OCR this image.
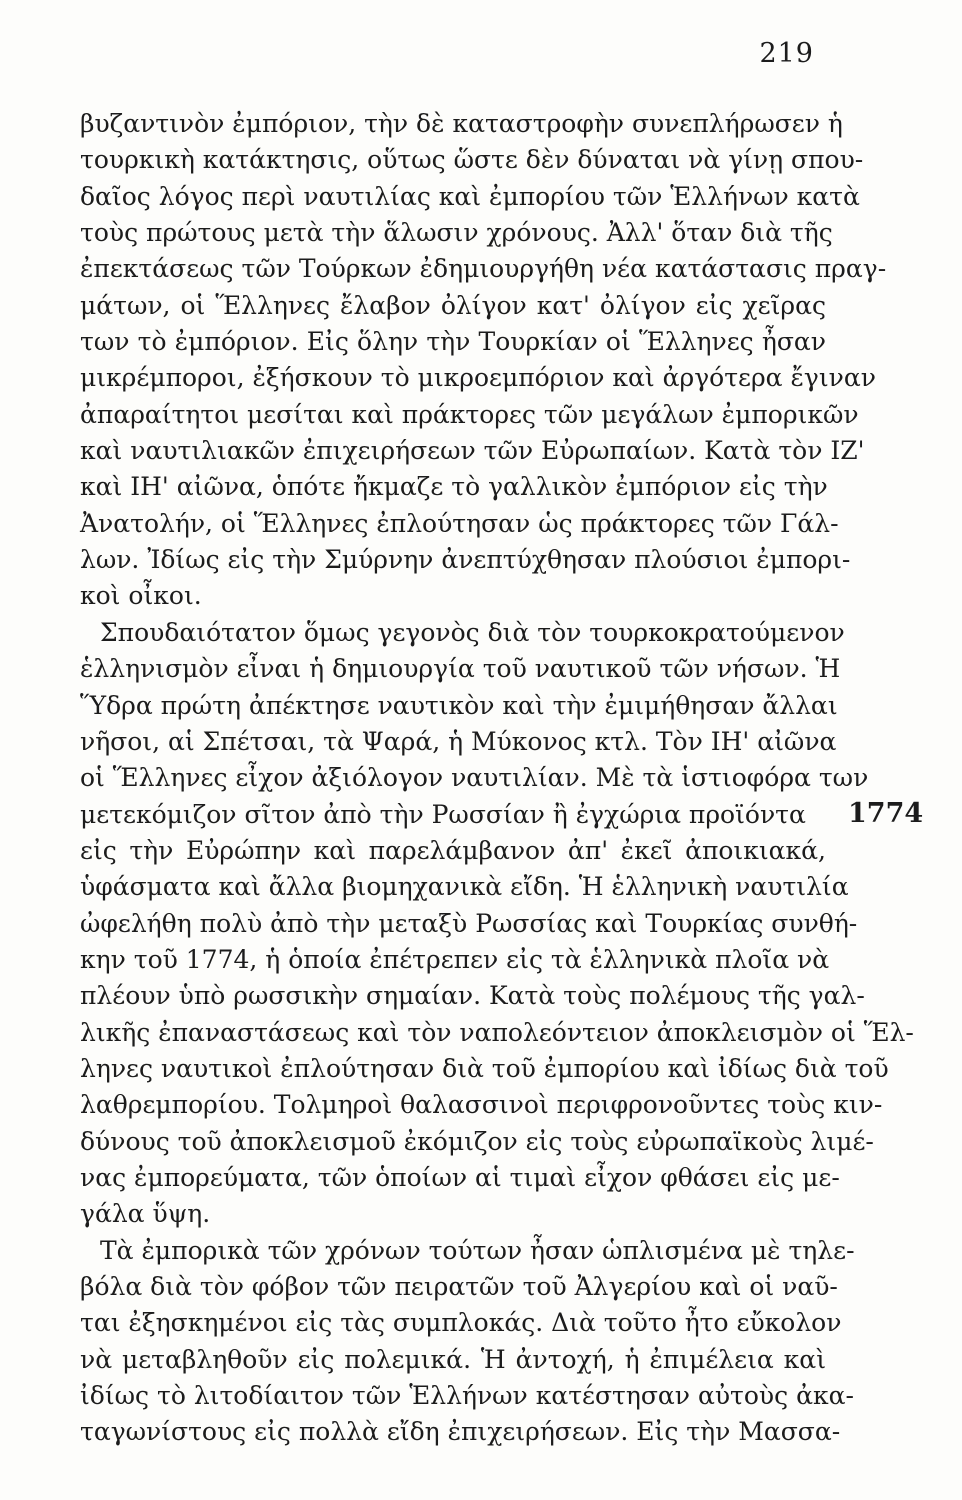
219
1774
βυζαντινὸν ἐμπόριον, τὴν δὲ καταστροφὴν συνεπλήρωσεν ἡ
τουρκικὴ κατάκτησις, οὕτως ὥστε δὲν δύναται νὰ γίνῃ σπου-
δαῖος λόγος περὶ ναυτιλίας καὶ ἐμπορίου τῶν Ἑλλήνων κατὰ
τοὺς πρώτους μετὰ τὴν ἅλωσιν χρόνους. Ἀλλ' ὅταν διὰ τῆς
ἐπεκτάσεως τῶν Τούρκων ἐδημιουργήθη νέα κατάστασις πραγ-
μάτων, οἱ Ἕλληνες ἔλαβον ὀλίγον κατ' ὀλίγον εἰς χεῖρας
των τὸ ἐμπόριον. Εἰς ὅλην τὴν Τουρκίαν οἱ Ἕλληνες ἦσαν
μικρέμποροι, ἐξήσκουν τὸ μικροεμπόριον καὶ ἀργότερα ἔγιναν
ἀπαραίτητοι μεσίται καὶ πράκτορες τῶν μεγάλων ἐμπορικῶν
καὶ ναυτιλιακῶν ἐπιχειρήσεων τῶν Εὐρωπαίων. Κατὰ τὸν ΙΖ'
καὶ ΙΗ' αἰῶνα, ὁπότε ἤκμαζε τὸ γαλλικὸν ἐμπόριον εἰς τὴν
Ἀνατολήν, οἱ Ἕλληνες ἐπλούτησαν ὡς πράκτορες τῶν Γάλ-
λων. Ἰδίως εἰς τὴν Σμύρνην ἀνεπτύχθησαν πλούσιοι ἐμπορι-
κοὶ οἶκοι.
Σπουδαιότατον ὅμως γεγονὸς διὰ τὸν τουρκοκρατούμενον
ἑλληνισμὸν εἶναι ἡ δημιουργία τοῦ ναυτικοῦ τῶν νήσων. Ἡ
Ὕδρα πρώτη ἀπέκτησε ναυτικὸν καὶ τὴν ἐμιμήθησαν ἄλλαι
νῆσοι, αἱ Σπέτσαι, τὰ Ψαρά, ἡ Μύκονος κτλ. Τὸν ΙΗ' αἰῶνα
οἱ Ἕλληνες εἶχον ἀξιόλογον ναυτιλίαν. Μὲ τὰ ἱστιοφόρα των
μετεκόμιζον σῖτον ἀπὸ τὴν Ρωσσίαν ἢ ἐγχώρια προϊόντα
εἰς τὴν Εὐρώπην καὶ παρελάμβανον ἀπ' ἐκεῖ ἀποικιακά,
ὑφάσματα καὶ ἄλλα βιομηχανικὰ εἴδη. Ἡ ἑλληνικὴ ναυτιλία
ὠφελήθη πολὺ ἀπὸ τὴν μεταξὺ Ρωσσίας καὶ Τουρκίας συνθή-
κην τοῦ 1774, ἡ ὁποία ἐπέτρεπεν εἰς τὰ ἑλληνικὰ πλοῖα νὰ
πλέουν ὑπὸ ρωσσικὴν σημαίαν. Κατὰ τοὺς πολέμους τῆς γαλ-
λικῆς ἐπαναστάσεως καὶ τὸν ναπολεόντειον ἀποκλεισμὸν οἱ Ἕλ-
ληνες ναυτικοὶ ἐπλούτησαν διὰ τοῦ ἐμπορίου καὶ ἰδίως διὰ τοῦ
λαθρεμπορίου. Τολμηροὶ θαλασσινοὶ περιφρονοῦντες τοὺς κιν-
δύνους τοῦ ἀποκλεισμοῦ ἐκόμιζον εἰς τοὺς εὐρωπαϊκοὺς λιμέ-
νας ἐμπορεύματα, τῶν ὁποίων αἱ τιμαὶ εἶχον φθάσει εἰς με-
γάλα ὕψη.
Τὰ ἐμπορικὰ τῶν χρόνων τούτων ἦσαν ὡπλισμένα μὲ τηλε-
βόλα διὰ τὸν φόβον τῶν πειρατῶν τοῦ Ἀλγερίου καὶ οἱ ναῦ-
ται ἐξησκημένοι εἰς τὰς συμπλοκάς. Διὰ τοῦτο ἦτο εὔκολον
νὰ μεταβληθοῦν εἰς πολεμικά. Ἡ ἀντοχή, ἡ ἐπιμέλεια καὶ
ἰδίως τὸ λιτοδίαιτον τῶν Ἑλλήνων κατέστησαν αὐτοὺς ἀκα-
ταγωνίστους εἰς πολλὰ εἴδη ἐπιχειρήσεων. Εἰς τὴν Μασσα-
